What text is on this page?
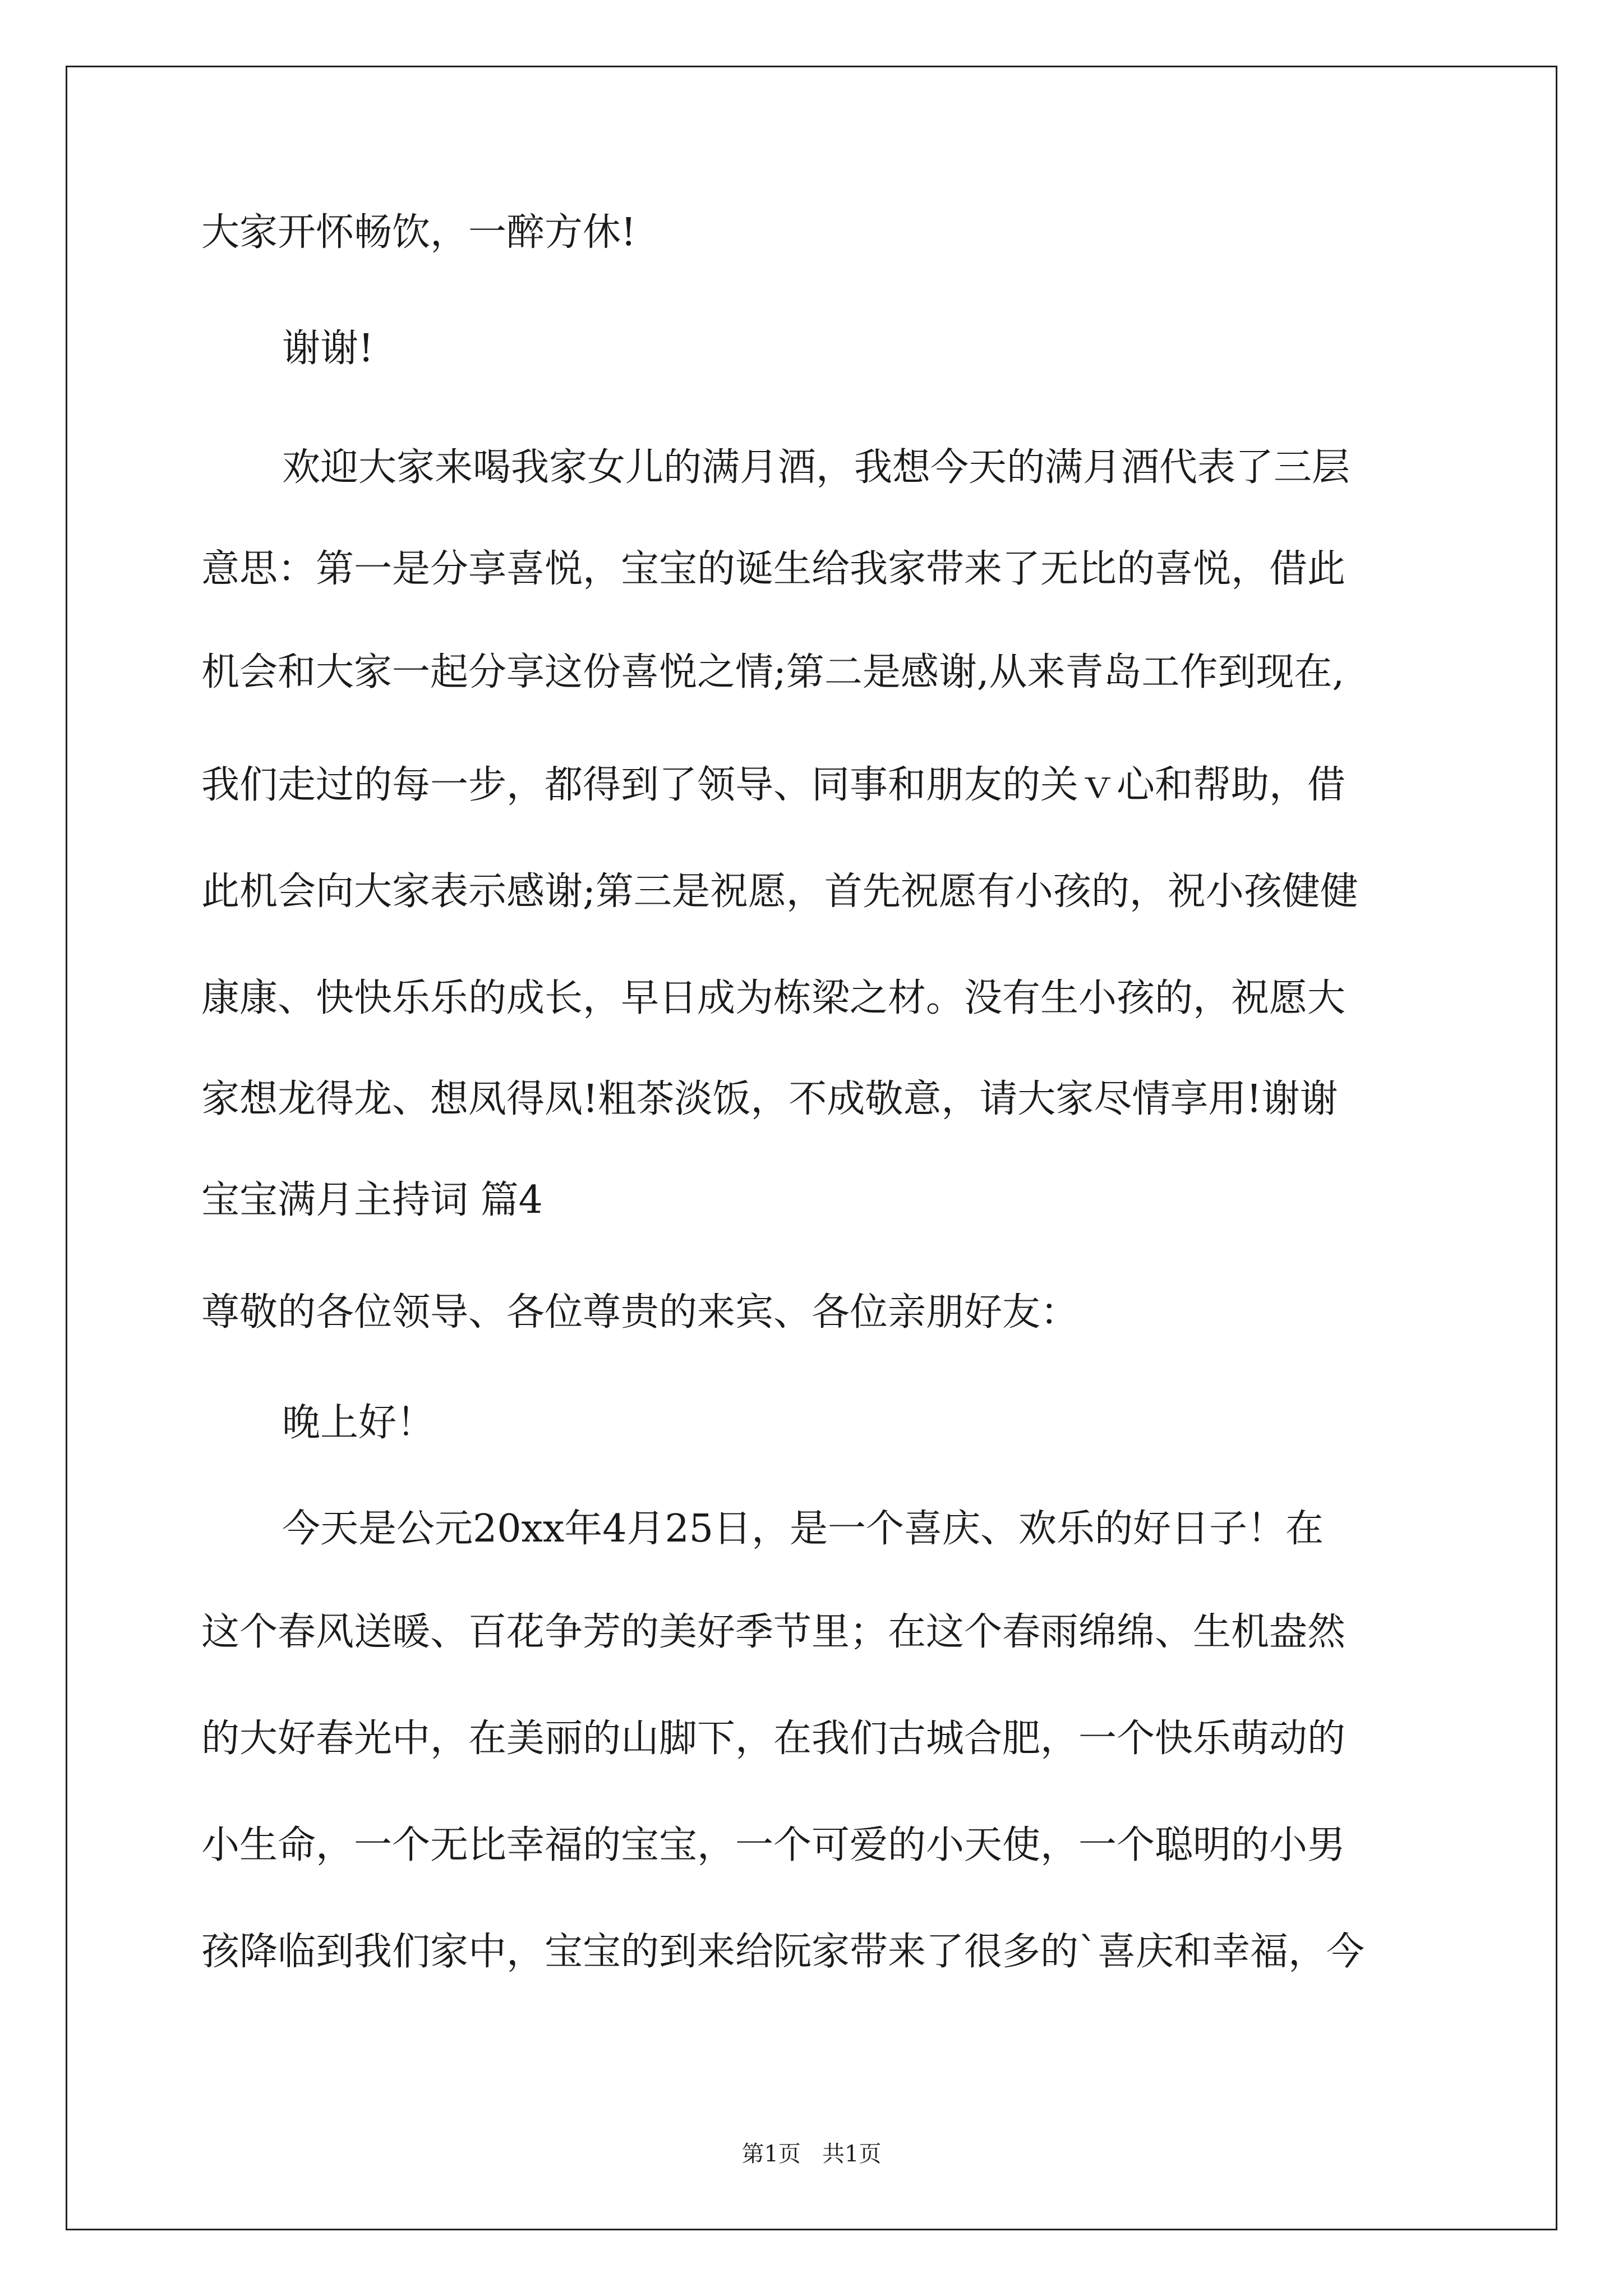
大家开怀畅饮，一醉方休!
谢谢!
欢迎大家来喝我家女儿的满月酒，我想今天的满月酒代表了三层
意思：第一是分享喜悦，宝宝的诞生给我家带来了无比的喜悦，借此
机会和大家一起分享这份喜悦之情;第二是感谢,从来青岛工作到现在,
我们走过的每一步，都得到了领导、同事和朋友的关ｖ心和帮助，借
此机会向大家表示感谢;第三是祝愿，首先祝愿有小孩的，祝小孩健健
康康、快快乐乐的成长，早日成为栋梁之材。没有生小孩的，祝愿大
家想龙得龙、想凤得凤!粗茶淡饭，不成敬意，请大家尽情享用!谢谢
宝宝满月主持词 篇4
尊敬的各位领导、各位尊贵的来宾、各位亲朋好友：
晚上好！
今天是公元20xx年4月25日，是一个喜庆、欢乐的好日子！在
这个春风送暖、百花争芳的美好季节里；在这个春雨绵绵、生机盎然
的大好春光中，在美丽的山脚下，在我们古城合肥，一个快乐萌动的
小生命，一个无比幸福的宝宝，一个可爱的小天使，一个聪明的小男
孩降临到我们家中，宝宝的到来给阮家带来了很多的`喜庆和幸福，今
第1页   共1页
